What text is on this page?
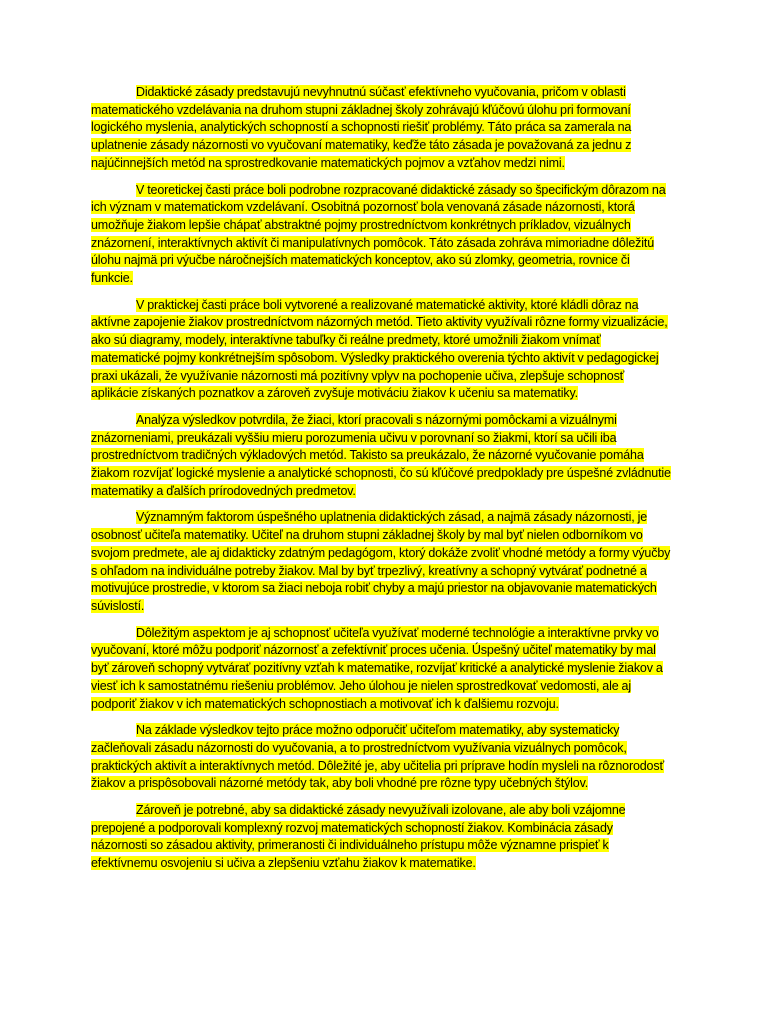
Didaktické zásady predstavujú nevyhnutnú súčasť efektívneho vyučovania, pričom v oblasti matematického vzdelávania na druhom stupni základnej školy zohrávajú kľúčovú úlohu pri formovaní logického myslenia, analytických schopností a schopnosti riešiť problémy. Táto práca sa zamerala na uplatnenie zásady názornosti vo vyučovaní matematiky, keďže táto zásada je považovaná za jednu z najúčinnejších metód na sprostredkovanie matematických pojmov a vzťahov medzi nimi.

V teoretickej časti práce boli podrobne rozpracované didaktické zásady so špecifickým dôrazom na ich význam v matematickom vzdelávaní. Osobitná pozornosť bola venovaná zásade názornosti, ktorá umožňuje žiakom lepšie chápať abstraktné pojmy prostredníctvom konkrétnych príkladov, vizuálnych znázornení, interaktívnych aktivít či manipulatívnych pomôcok. Táto zásada zohráva mimoriadne dôležitú úlohu najmä pri výučbe náročnejších matematických konceptov, ako sú zlomky, geometria, rovnice či funkcie.

V praktickej časti práce boli vytvorené a realizované matematické aktivity, ktoré kládli dôraz na aktívne zapojenie žiakov prostredníctvom názorných metód. Tieto aktivity využívali rôzne formy vizualizácie, ako sú diagramy, modely, interaktívne tabuľky či reálne predmety, ktoré umožnili žiakom vnímať matematické pojmy konkrétnejším spôsobom. Výsledky praktického overenia týchto aktivít v pedagogickej praxi ukázali, že využívanie názornosti má pozitívny vplyv na pochopenie učiva, zlepšuje schopnosť aplikácie získaných poznatkov a zároveň zvyšuje motiváciu žiakov k učeniu sa matematiky.

Analýza výsledkov potvrdila, že žiaci, ktorí pracovali s názornými pomôckami a vizuálnymi znázorneniami, preukázali vyššiu mieru porozumenia učivu v porovnaní so žiakmi, ktorí sa učili iba prostredníctvom tradičných výkladových metód. Takisto sa preukázalo, že názorné vyučovanie pomáha žiakom rozvíjať logické myslenie a analytické schopnosti, čo sú kľúčové predpoklady pre úspešné zvládnutie matematiky a ďalších prírodovedných predmetov.

Významným faktorom úspešného uplatnenia didaktických zásad, a najmä zásady názornosti, je osobnosť učiteľa matematiky. Učiteľ na druhom stupni základnej školy by mal byť nielen odborníkom vo svojom predmete, ale aj didakticky zdatným pedagógom, ktorý dokáže zvoliť vhodné metódy a formy výučby s ohľadom na individuálne potreby žiakov. Mal by byť trpezlivý, kreatívny a schopný vytvárať podnetné a motivujúce prostredie, v ktorom sa žiaci neboja robiť chyby a majú priestor na objavovanie matematických súvislostí.

Dôležitým aspektom je aj schopnosť učiteľa využívať moderné technológie a interaktívne prvky vo vyučovaní, ktoré môžu podporiť názornosť a zefektívniť proces učenia. Úspešný učiteľ matematiky by mal byť zároveň schopný vytvárať pozitívny vzťah k matematike, rozvíjať kritické a analytické myslenie žiakov a viesť ich k samostatnému riešeniu problémov. Jeho úlohou je nielen sprostredkovať vedomosti, ale aj podporiť žiakov v ich matematických schopnostiach a motivovať ich k ďalšiemu rozvoju.

Na základe výsledkov tejto práce možno odporučiť učiteľom matematiky, aby systematicky začleňovali zásadu názornosti do vyučovania, a to prostredníctvom využívania vizuálnych pomôcok, praktických aktivít a interaktívnych metód. Dôležité je, aby učitelia pri príprave hodín mysleli na rôznorodosť žiakov a prispôsobovali názorné metódy tak, aby boli vhodné pre rôzne typy učebných štýlov.

Zároveň je potrebné, aby sa didaktické zásady nevyužívali izolovane, ale aby boli vzájomne prepojené a podporovali komplexný rozvoj matematických schopností žiakov. Kombinácia zásady názornosti so zásadou aktivity, primeranosti či individuálneho prístupu môže významne prispieť k efektívnemu osvojeniu si učiva a zlepšeniu vzťahu žiakov k matematike.
